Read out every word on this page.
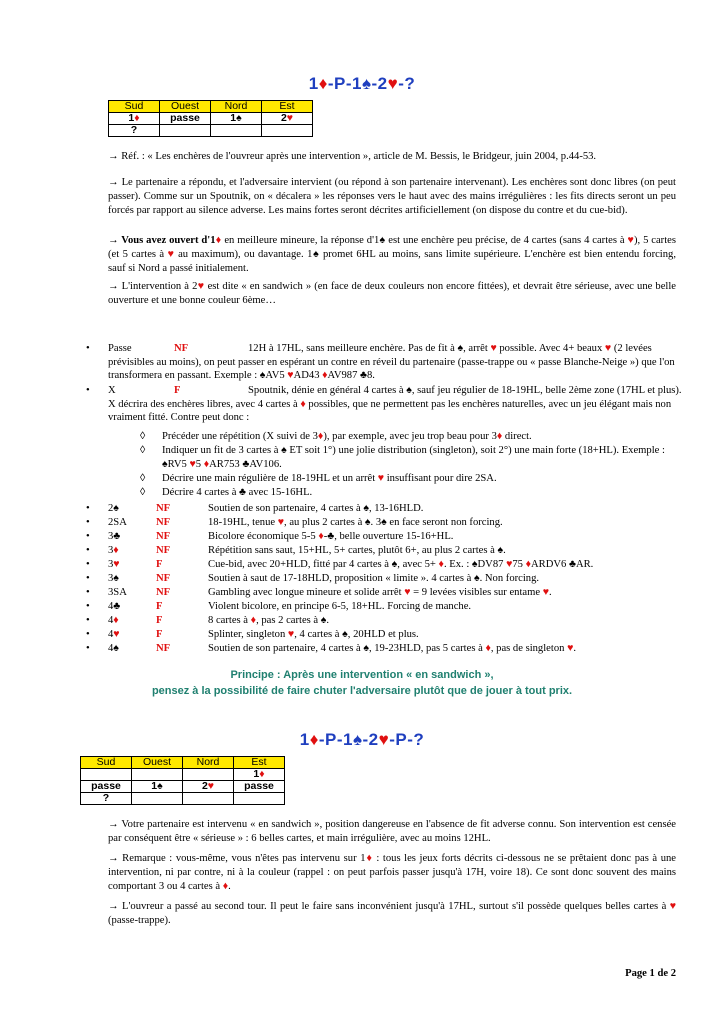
1♦-P-1♠-2♥-?
Sud	Ouest	Nord	Est
1♦	passe	1♠	2♥
?			
→ Réf. : « Les enchères de l'ouvreur après une intervention », article de M. Bessis, le Bridgeur, juin 2004, p.44-53.
→ Le partenaire a répondu, et l'adversaire intervient (ou répond à son partenaire intervenant). Les enchères sont donc libres (on peut passer). Comme sur un Spoutnik, on « décalera » les réponses vers le haut avec des mains irrégulières : les fits directs seront un peu forcés par rapport au silence adverse. Les mains fortes seront décrites artificiellement (on dispose du contre et du cue-bid).
→ Vous avez ouvert d'1♦ en meilleure mineure, la réponse d'1♠ est une enchère peu précise, de 4 cartes (sans 4 cartes à ♥), 5 cartes (et 5 cartes à ♥ au maximum), ou davantage. 1♠ promet 6HL au moins, sans limite supérieure. L'enchère est bien entendu forcing, sauf si Nord a passé initialement.
→ L'intervention à 2♥ est dite « en sandwich » (en face de deux couleurs non encore fittées), et devrait être sérieuse, avec une belle ouverture et une bonne couleur 6ème…
• Passe	NF	12H à 17HL, sans meilleure enchère. Pas de fit à ♠, arrêt ♥ possible. Avec 4+ beaux ♥ (2 levées prévisibles au moins), on peut passer en espérant un contre en réveil du partenaire (passe-trappe ou « passe Blanche-Neige ») que l'on transformera en passant. Exemple : ♠AV5 ♥AD43 ♦AV987 ♣8.
• X	F	Spoutnik, dénie en général 4 cartes à ♠, sauf jeu régulier de 18-19HL, belle 2ème zone (17HL et plus). X décrira des enchères libres, avec 4 cartes à ♦ possibles, que ne permettent pas les enchères naturelles, avec un jeu élégant mais non vraiment fitté. Contre peut donc :
◊ Précéder une répétition (X suivi de 3♦), par exemple, avec jeu trop beau pour 3♦ direct.
◊ Indiquer un fit de 3 cartes à ♠ ET soit 1°) une jolie distribution (singleton), soit 2°) une main forte (18+HL). Exemple : ♠RV5 ♥5 ♦AR753 ♣AV106.
◊ Décrire une main régulière de 18-19HL et un arrêt ♥ insuffisant pour dire 2SA.
◊ Décrire 4 cartes à ♣ avec 15-16HL.
• 2♠	NF	Soutien de son partenaire, 4 cartes à ♠, 13-16HLD.
• 2SA	NF	18-19HL, tenue ♥, au plus 2 cartes à ♠. 3♠ en face seront non forcing.
• 3♣	NF	Bicolore économique 5-5 ♦-♣, belle ouverture 15-16+HL.
• 3♦	NF	Répétition sans saut, 15+HL, 5+ cartes, plutôt 6+, au plus 2 cartes à ♠.
• 3♥	F	Cue-bid, avec 20+HLD, fitté par 4 cartes à ♠, avec 5+ ♦. Ex. : ♠DV87 ♥75 ♦ARDV6 ♣AR.
• 3♠	NF	Soutien à saut de 17-18HLD, proposition « limite ». 4 cartes à ♠. Non forcing.
• 3SA	NF	Gambling avec longue mineure et solide arrêt ♥ = 9 levées visibles sur entame ♥.
• 4♣	F	Violent bicolore, en principe 6-5, 18+HL. Forcing de manche.
• 4♦	F	8 cartes à ♦, pas 2 cartes à ♠.
• 4♥	F	Splinter, singleton ♥, 4 cartes à ♠, 20HLD et plus.
• 4♠	NF	Soutien de son partenaire, 4 cartes à ♠, 19-23HLD, pas 5 cartes à ♦, pas de singleton ♥.
Principe : Après une intervention « en sandwich »,
pensez à la possibilité de faire chuter l'adversaire plutôt que de jouer à tout prix.
1♦-P-1♠-2♥-P-?
Sud	Ouest	Nord	Est
			1♦
passe	1♠	2♥	passe
?			
→ Votre partenaire est intervenu « en sandwich », position dangereuse en l'absence de fit adverse connu. Son intervention est censée par conséquent être « sérieuse » : 6 belles cartes, et main irrégulière, avec au moins 12HL.
→ Remarque : vous-même, vous n'êtes pas intervenu sur 1♦ : tous les jeux forts décrits ci-dessous ne se prêtaient donc pas à une intervention, ni par contre, ni à la couleur (rappel : on peut parfois passer jusqu'à 17H, voire 18). Ce sont donc souvent des mains comportant 3 ou 4 cartes à ♦.
→ L'ouvreur a passé au second tour. Il peut le faire sans inconvénient jusqu'à 17HL, surtout s'il possède quelques belles cartes à ♥ (passe-trappe).
Page 1 de 2
